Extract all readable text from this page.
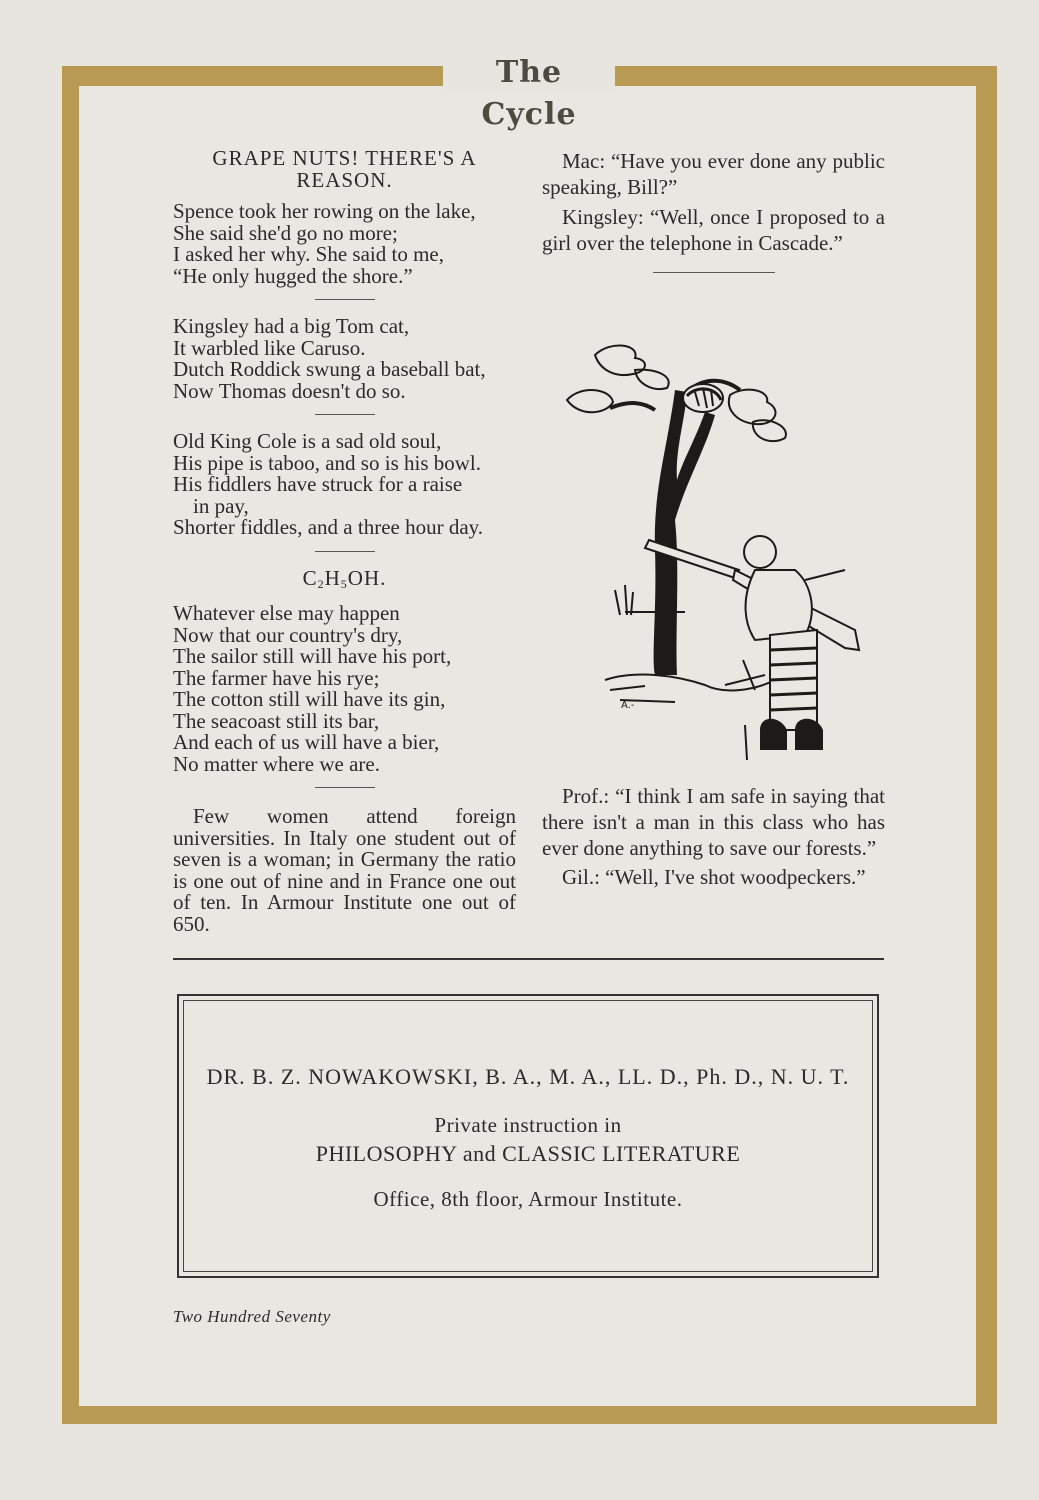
The Cycle

GRAPE NUTS! THERE'S A

REASON.

Spence took her rowing on the lake,

She said she'd go no more;

I asked her why. She said to me,

“He only hugged the shore.”

Kingsley had a big Tom cat,

It warbled like Caruso.

Dutch Roddick swung a baseball bat,

Now Thomas doesn't do so.

Old King Cole is a sad old soul,

His pipe is taboo, and so is his bowl.

His fiddlers have struck for a raise

in pay,

Shorter fiddles, and a three hour day.

$C_2H_5OH$.

Whatever else may happen

Now that our country's dry,

The sailor still will have his port,

The farmer have his rye;

The cotton still will have its gin,

The seacoast still its bar,

And each of us will have a bier,

No matter where we are.

Few women attend foreign universities. In Italy one student out of seven is a woman; in Germany the ratio is one out of nine and in France one out of ten. In Armour Institute one out of 650.

Mac: “Have you ever done any public speaking, Bill?”

Kingsley: “Well, once I proposed to a girl over the telephone in Cascade.”

A.-

Prof.: “I think I am safe in saying that there isn't a man in this class who has ever done anything to save our forests.”

Gil.: “Well, I've shot woodpeckers.”

DR. B. Z. NOWAKOWSKI, B. A., M. A., LL. D., Ph. D., N. U. T.
Private instruction in
PHILOSOPHY and CLASSIC LITERATURE
Office, 8th floor, Armour Institute.
Two Hundred Seventy
